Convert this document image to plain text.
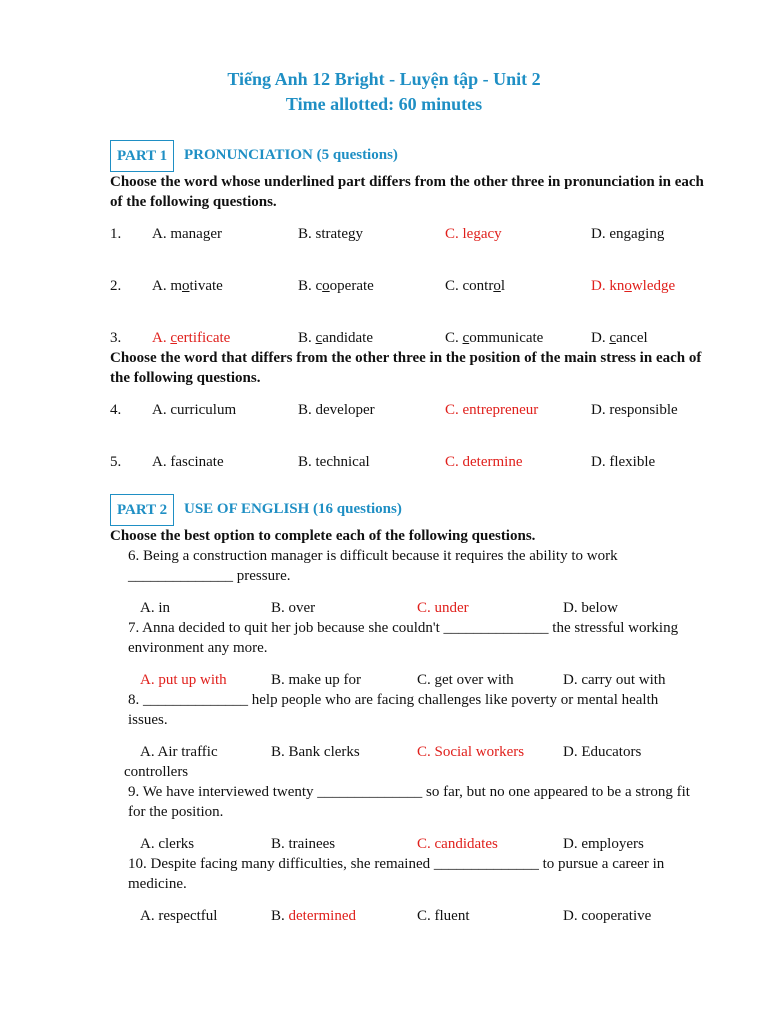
Tiếng Anh 12 Bright - Luyện tập - Unit 2
Time allotted: 60 minutes
PART 1	PRONUNCIATION (5 questions)
Choose the word whose underlined part differs from the other three in pronunciation in each of the following questions.
1. A. manager	B. strategy	C. legacy	D. engaging
2. A. motivate	B. cooperate	C. control	D. knowledge
3. A. certificate	B. candidate	C. communicate	D. cancel
Choose the word that differs from the other three in the position of the main stress in each of the following questions.
4. A. curriculum	B. developer	C. entrepreneur	D. responsible
5. A. fascinate	B. technical	C. determine	D. flexible
PART 2	USE OF ENGLISH (16 questions)
Choose the best option to complete each of the following questions.
6. Being a construction manager is difficult because it requires the ability to work ______________ pressure.
A. in	B. over	C. under	D. below
7. Anna decided to quit her job because she couldn't ______________ the stressful working environment any more.
A. put up with	B. make up for	C. get over with	D. carry out with
8. ______________ help people who are facing challenges like poverty or mental health issues.
A. Air traffic
controllers
B. Bank clerks	C. Social workers	D. Educators
9. We have interviewed twenty ______________ so far, but no one appeared to be a strong fit for the position.
A. clerks	B. trainees	C. candidates	D. employers
10. Despite facing many difficulties, she remained ______________ to pursue a career in medicine.
A. respectful	B. determined	C. fluent	D. cooperative
